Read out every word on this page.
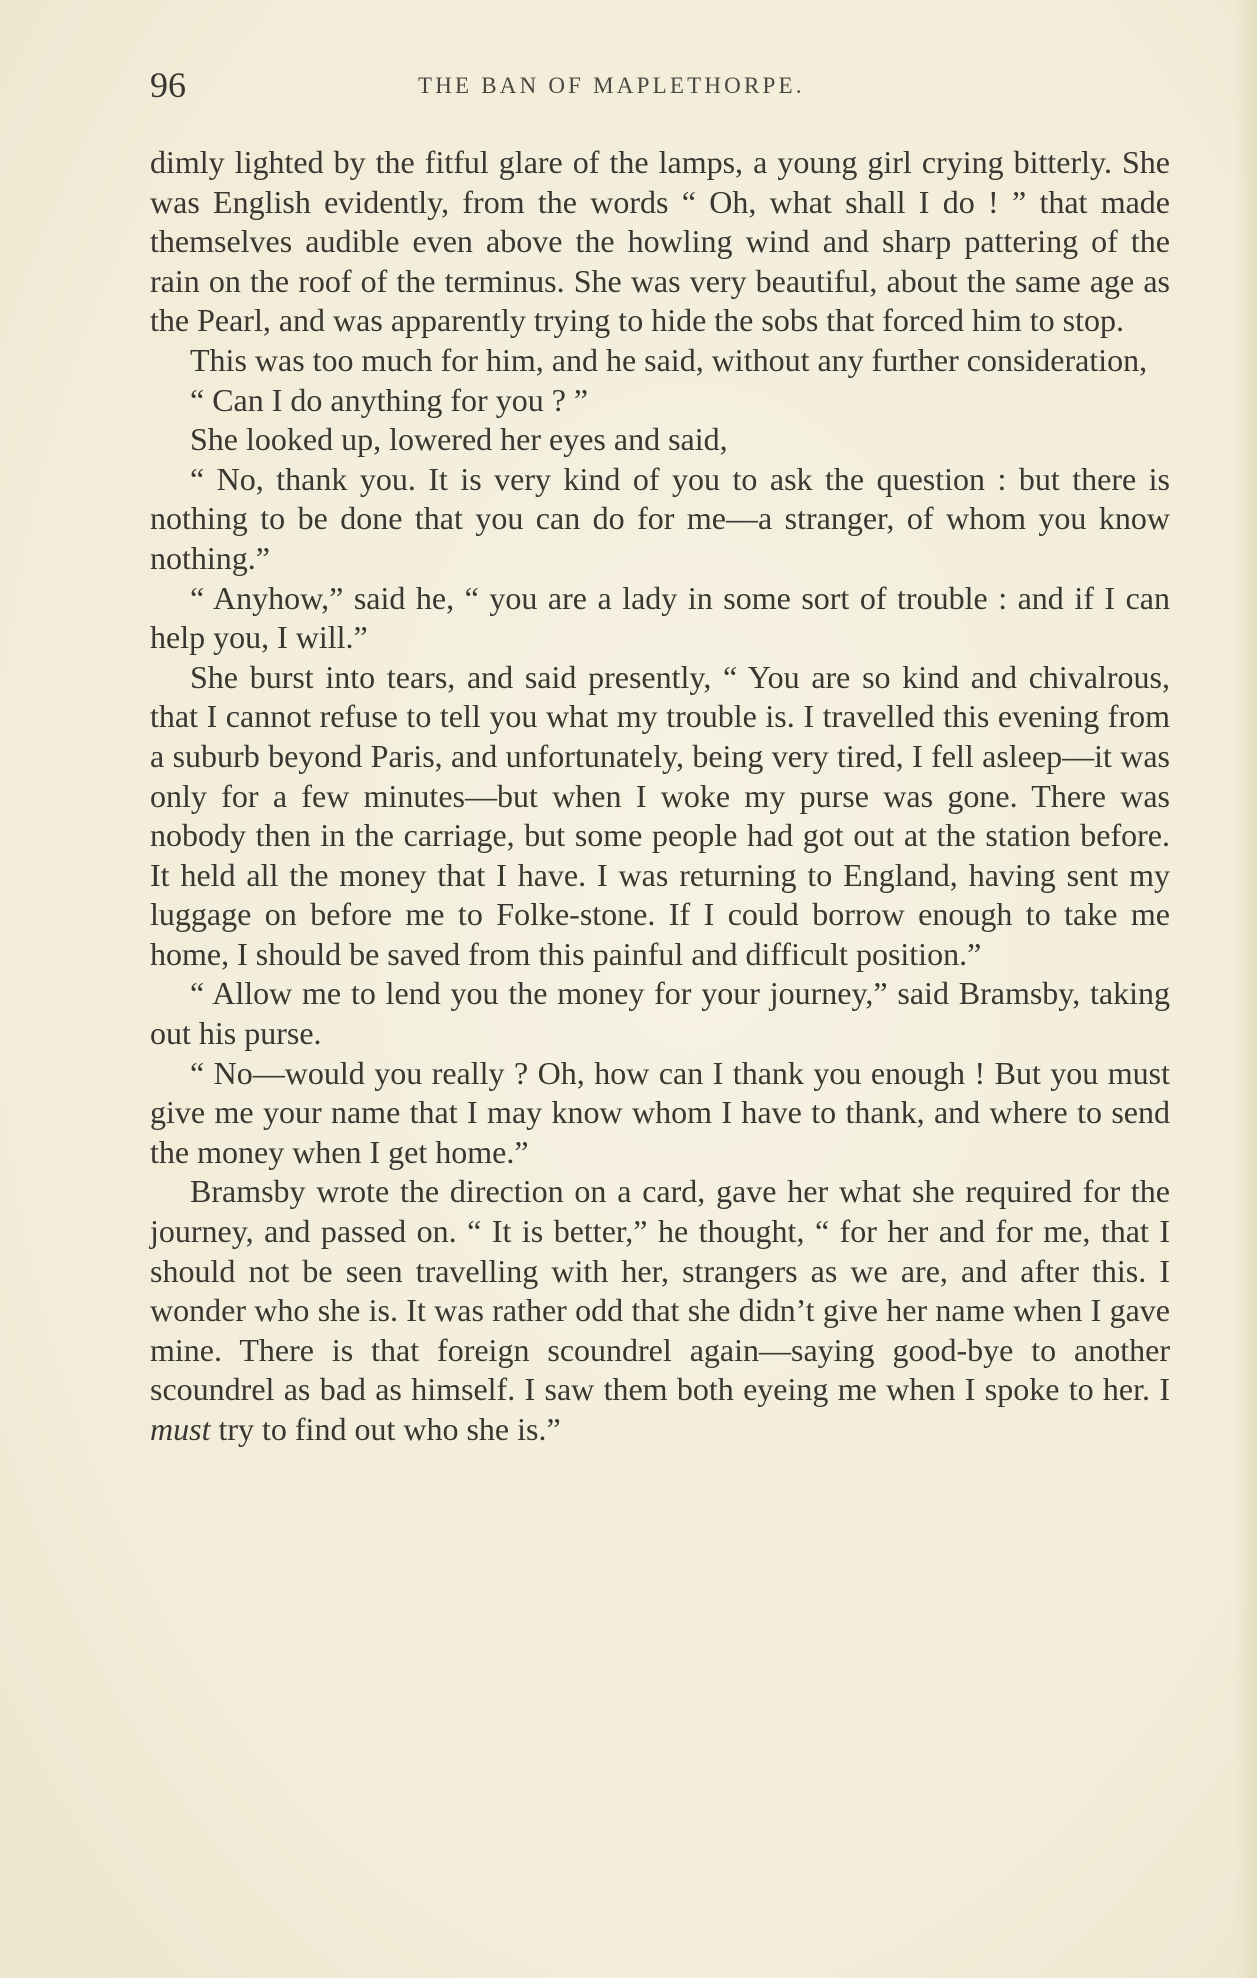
96	THE BAN OF MAPLETHORPE.

dimly lighted by the fitful glare of the lamps, a young girl crying bitterly. She was English evidently, from the words “ Oh, what shall I do ! ” that made themselves audible even above the howling wind and sharp pattering of the rain on the roof of the terminus. She was very beautiful, about the same age as the Pearl, and was apparently trying to hide the sobs that forced him to stop.

This was too much for him, and he said, without any further consideration,

“ Can I do anything for you ? ”

She looked up, lowered her eyes and said,

“ No, thank you. It is very kind of you to ask the question : but there is nothing to be done that you can do for me—a stranger, of whom you know nothing.”

“ Anyhow,” said he, “ you are a lady in some sort of trouble : and if I can help you, I will.”

She burst into tears, and said presently, “ You are so kind and chivalrous, that I cannot refuse to tell you what my trouble is. I travelled this evening from a suburb beyond Paris, and unfortunately, being very tired, I fell asleep—it was only for a few minutes—but when I woke my purse was gone. There was nobody then in the carriage, but some people had got out at the station before. It held all the money that I have. I was returning to England, having sent my luggage on before me to Folke-stone. If I could borrow enough to take me home, I should be saved from this painful and difficult position.”

“ Allow me to lend you the money for your journey,” said Bramsby, taking out his purse.

“ No—would you really ? Oh, how can I thank you enough ! But you must give me your name that I may know whom I have to thank, and where to send the money when I get home.”

Bramsby wrote the direction on a card, gave her what she required for the journey, and passed on. “ It is better,” he thought, “ for her and for me, that I should not be seen travelling with her, strangers as we are, and after this. I wonder who she is. It was rather odd that she didn’t give her name when I gave mine. There is that foreign scoundrel again—saying good-bye to another scoundrel as bad as himself. I saw them both eyeing me when I spoke to her. I must try to find out who she is.”
